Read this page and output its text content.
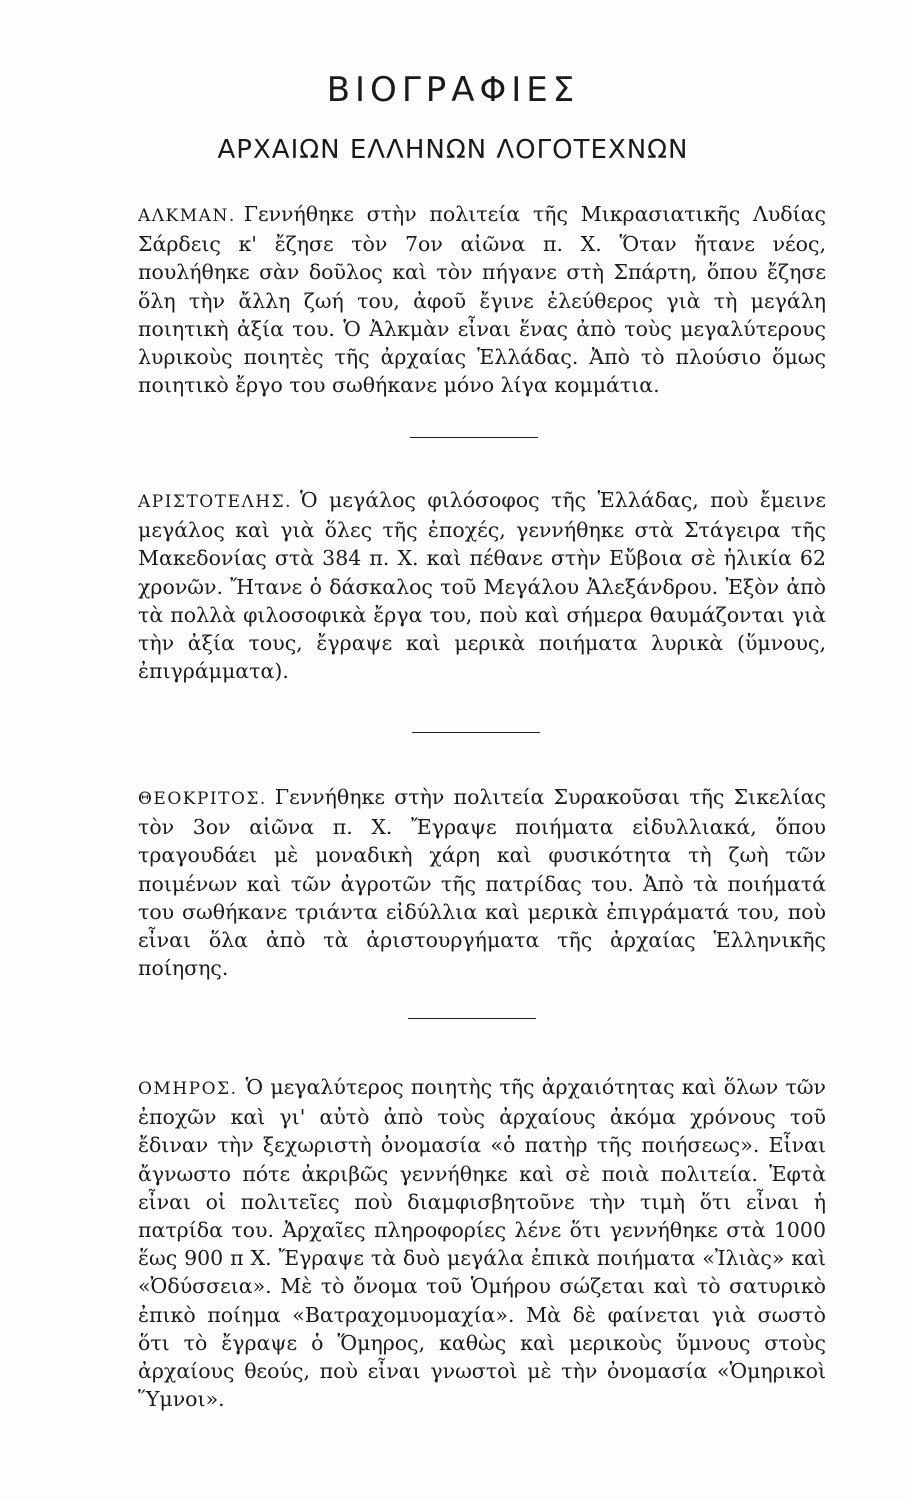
ΒΙΟΓΡΑΦΙΕΣ
ΑΡΧΑΙΩΝ ΕΛΛΗΝΩΝ ΛΟΓΟΤΕΧΝΩΝ

ΑΛΚΜΑΝ. Γεννήθηκε στὴν πολιτεία τῆς Μικρασιατικῆς Λυδίας Σάρδεις κ' ἔζησε τὸν 7ον αἰῶνα π. Χ. Ὅταν ἤτανε νέος, πουλήθηκε σὰν δοῦλος καὶ τὸν πήγανε στὴ Σπάρτη, ὅπου ἔζησε ὅλη τὴν ἄλλη ζωή του, ἀφοῦ ἔγινε ἐλεύθερος γιὰ τὴ μεγάλη ποιητικὴ ἀξία του. Ὁ Ἀλκμὰν εἶναι ἕνας ἀπὸ τοὺς μεγαλύτερους λυρικοὺς ποιητὲς τῆς ἀρχαίας Ἑλλάδας. Ἀπὸ τὸ πλούσιο ὅμως ποιητικὸ ἔργο του σωθήκανε μόνο λίγα κομμάτια.

ΑΡΙΣΤΟΤΕΛΗΣ. Ὁ μεγάλος φιλόσοφος τῆς Ἑλλάδας, ποὺ ἔμεινε μεγάλος καὶ γιὰ ὅλες τῆς ἐποχές, γεννήθηκε στὰ Στάγειρα τῆς Μακεδονίας στὰ 384 π. Χ. καὶ πέθανε στὴν Εὔβοια σὲ ἡλικία 62 χρονῶν. Ἤτανε ὁ δάσκαλος τοῦ Μεγάλου Ἀλεξάνδρου. Ἐξὸν ἀπὸ τὰ πολλὰ φιλοσοφικὰ ἔργα του, ποὺ καὶ σήμερα θαυμάζονται γιὰ τὴν ἀξία τους, ἔγραψε καὶ μερικὰ ποιήματα λυρικὰ (ὕμνους, ἐπιγράμματα).

ΘΕΟΚΡΙΤΟΣ. Γεννήθηκε στὴν πολιτεία Συρακοῦσαι τῆς Σικελίας τὸν 3ον αἰῶνα π. Χ. Ἔγραψε ποιήματα εἰδυλλιακά, ὅπου τραγουδάει μὲ μοναδικὴ χάρη καὶ φυσικότητα τὴ ζωὴ τῶν ποιμένων καὶ τῶν ἀγροτῶν τῆς πατρίδας του. Ἀπὸ τὰ ποιήματά του σωθήκανε τριάντα εἰδύλλια καὶ μερικὰ ἐπιγράματά του, ποὺ εἶναι ὅλα ἀπὸ τὰ ἀριστουργήματα τῆς ἀρχαίας Ἑλληνικῆς ποίησης.

ΟΜΗΡΟΣ. Ὁ μεγαλύτερος ποιητὴς τῆς ἀρχαιότητας καὶ ὅλων τῶν ἐποχῶν καὶ γι' αὐτὸ ἀπὸ τοὺς ἀρχαίους ἀκόμα χρόνους τοῦ ἔδιναν τὴν ξεχωριστὴ ὀνομασία «ὁ πατὴρ τῆς ποιήσεως». Εἶναι ἄγνωστο πότε ἀκριβῶς γεννήθηκε καὶ σὲ ποιὰ πολιτεία. Ἑφτὰ εἶναι οἱ πολιτεῖες ποὺ διαμφισβητοῦνε τὴν τιμὴ ὅτι εἶναι ἡ πατρίδα του. Ἀρχαῖες πληροφορίες λένε ὅτι γεννήθηκε στὰ 1000 ἕως 900 π Χ. Ἔγραψε τὰ δυὸ μεγάλα ἐπικὰ ποιήματα «Ἰλιὰς» καὶ «Ὀδύσσεια». Μὲ τὸ ὄνομα τοῦ Ὁμήρου σώζεται καὶ τὸ σατυρικὸ ἐπικὸ ποίημα «Βατραχομυομαχία». Μὰ δὲ φαίνεται γιὰ σωστὸ ὅτι τὸ ἔγραψε ὁ Ὅμηρος, καθὼς καὶ μερικοὺς ὕμνους στοὺς ἀρχαίους θεούς, ποὺ εἶναι γνωστοὶ μὲ τὴν ὀνομασία «Ὁμηρικοὶ Ὕμνοι».
